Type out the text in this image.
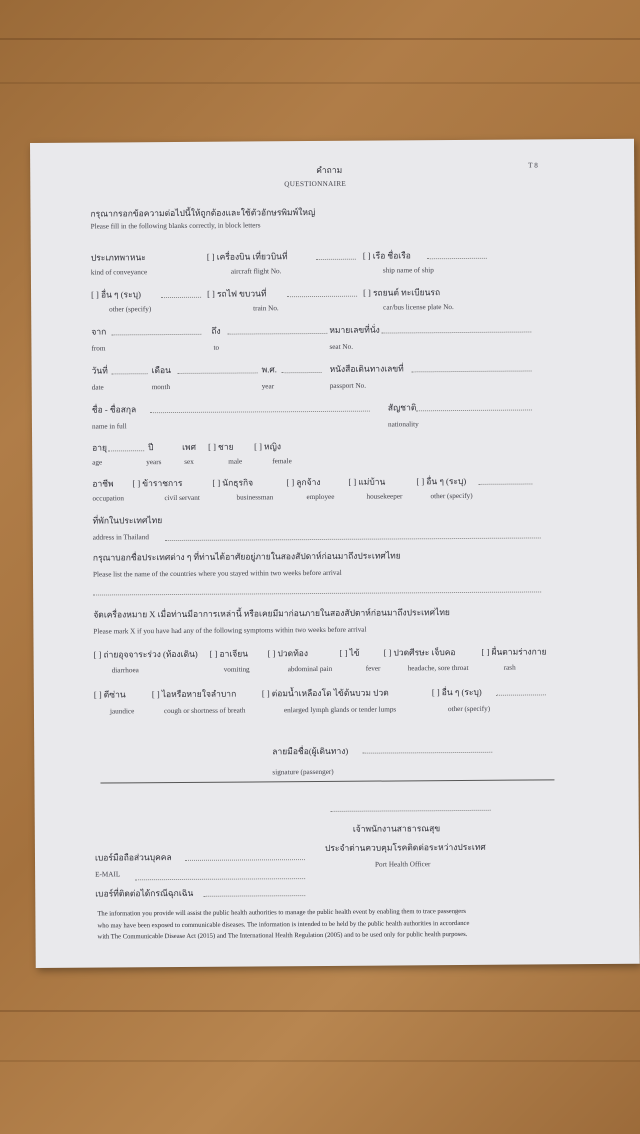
คำถาม	T 8
QUESTIONNAIRE
กรุณากรอกข้อความต่อไปนี้ให้ถูกต้องและใช้ตัวอักษรพิมพ์ใหญ่
Please fill in the following blanks correctly, in block letters
ประเภทพาหนะ	[ ] เครื่องบิน เที่ยวบินที่	[ ] เรือ ชื่อเรือ
kind of conveyance	aircraft flight No.	ship name of ship
[ ] อื่น ๆ (ระบุ)	[ ] รถไฟ ขบวนที่	[ ] รถยนต์ ทะเบียนรถ
other (specify)	train No.	car/bus license plate No.
จาก	ถึง	หมายเลขที่นั่ง
from	to	seat No.
วันที่	เดือน	พ.ศ.	หนังสือเดินทางเลขที่
date	month	year	passport No.
ชื่อ - ชื่อสกุล	สัญชาติ
name in full	nationality
อายุ	ปี	เพศ [ ] ชาย [ ] หญิง
age	years	sex	male	female
อาชีพ [ ] ข้าราชการ	[ ] นักธุรกิจ	[ ] ลูกจ้าง	[ ] แม่บ้าน	[ ] อื่น ๆ (ระบุ)
occupation	civil servant	businessman	employee	housekeeper	other (specify)
ที่พักในประเทศไทย
address in Thailand
กรุณาบอกชื่อประเทศต่าง ๆ ที่ท่านได้อาศัยอยู่ภายในสองสัปดาห์ก่อนมาถึงประเทศไทย
Please list the name of the countries where you stayed within two weeks before arrival
จัดเครื่องหมาย X เมื่อท่านมีอาการเหล่านี้ หรือเคยมีมาก่อนภายในสองสัปดาห์ก่อนมาถึงประเทศไทย
Please mark X if you have had any of the following symptoms within two weeks before arrival
[ ] ถ่ายอุจจาระร่วง (ท้องเดิน) [ ] อาเจียน [ ] ปวดท้อง	[ ] ไข้	[ ] ปวดศีรษะ เจ็บคอ	[ ] ผื่นตามร่างกาย
diarrhoea	vomiting	abdominal pain	fever	headache, sore throat	rash
[ ] ดีซ่าน	[ ] ไอหรือหายใจลำบาก	[ ] ต่อมน้ำเหลืองโต ไข้ต้นบวม ปวด	[ ] อื่น ๆ (ระบุ)
jaundice	cough or shortness of breath	enlarged lymph glands or tender lumps	other (specify)
ลายมือชื่อ(ผู้เดินทาง)
signature (passenger)
เจ้าพนักงานสาธารณสุข
ประจำด่านควบคุมโรคติดต่อระหว่างประเทศ
Port Health Officer
เบอร์มือถือส่วนบุคคล
E-MAIL
เบอร์ที่ติดต่อได้กรณีฉุกเฉิน
The information you provide will assist the public health authorities to manage the public health event by enabling them to trace passengers
who may have been exposed to communicable diseases. The information is intended to be held by the public health authorities in accordance
with The Communicable Disease Act (2015) and The International Health Regulation (2005) and to be used only for public health purposes.
